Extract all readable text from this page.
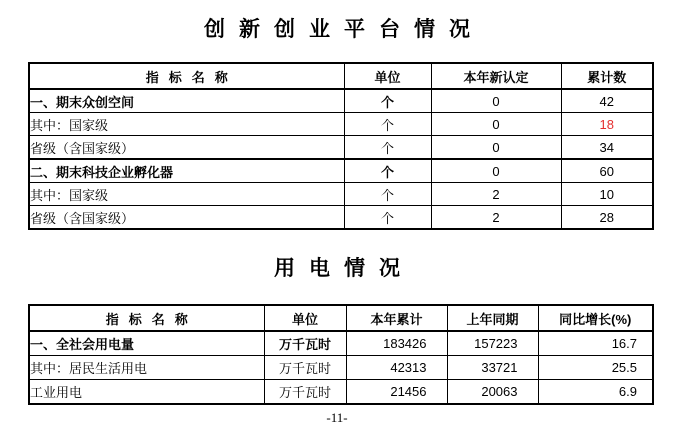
创新创业平台情况
指标名称	单位	本年新认定	累计数
一、期末众创空间	个	0	42
其中：国家级	个	0	18
省级（含国家级）	个	0	34
二、期末科技企业孵化器	个	0	60
其中：国家级	个	2	10
省级（含国家级）	个	2	28
用电情况
指标名称	单位	本年累计	上年同期	同比增长(%)
一、全社会用电量	万千瓦时	183426	157223	16.7
其中：居民生活用电	万千瓦时	42313	33721	25.5
工业用电	万千瓦时	21456	20063	6.9
-11-
